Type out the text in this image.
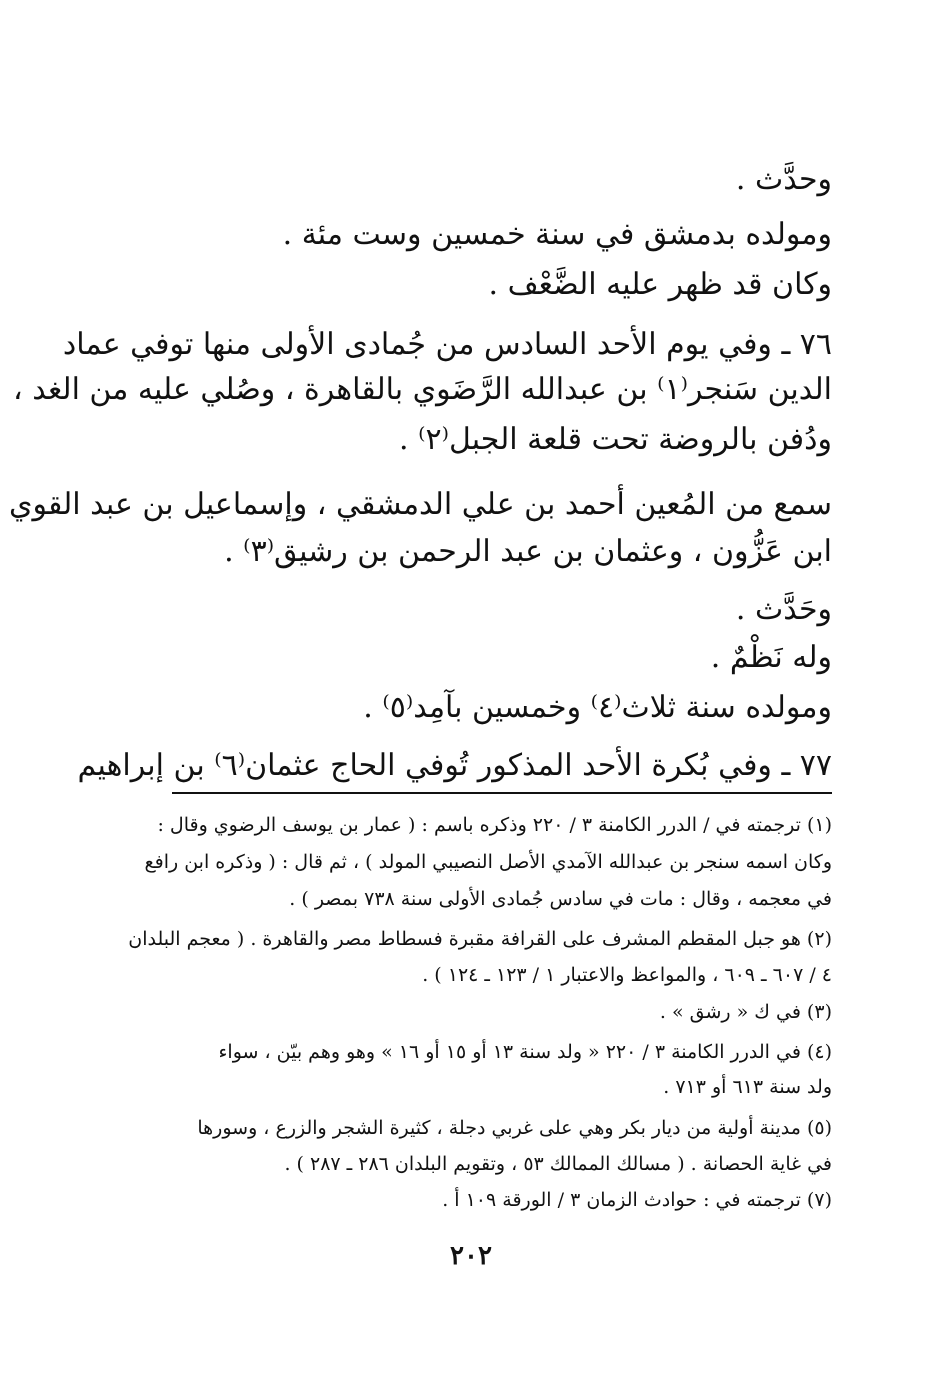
وحدَّث .

ومولده بدمشق في سنة خمسين وست مئة .

وكان قد ظهر عليه الضَّعْف .

٧٦ ـ وفي يوم الأحد السادس من جُمادى الأولى منها توفي عماد

الدين سَنجر⁽١⁾ بن عبدالله الرَّضَوي بالقاهرة ، وصُلي عليه من الغد ،

ودُفن بالروضة تحت قلعة الجبل⁽٢⁾ .

سمع من المُعين أحمد بن علي الدمشقي ، وإسماعيل بن عبد القوي

ابن عَزُّون ، وعثمان بن عبد الرحمن بن رشيق⁽٣⁾ .

وحَدَّث .

وله نَظْمٌ .

ومولده سنة ثلاث⁽٤⁾ وخمسين بآمِد⁽٥⁾ .

٧٧ ـ وفي بُكرة الأحد المذكور تُوفي الحاج عثمان⁽٦⁾ بن إبراهيم

(١) ترجمته في / الدرر الكامنة ٣ / ٢٢٠ وذكره باسم : ( عمار بن يوسف الرضوي وقال :

وكان اسمه سنجر بن عبدالله الآمدي الأصل النصيبي المولد ) ، ثم قال : ( وذكره ابن رافع

في معجمه ، وقال : مات في سادس جُمادى الأولى سنة ٧٣٨ بمصر ) .

(٢) هو جبل المقطم المشرف على القرافة مقبرة فسطاط مصر والقاهرة . ( معجم البلدان

٤ / ٦٠٧ ـ ٦٠٩ ، والمواعظ والاعتبار ١ / ١٢٣ ـ ١٢٤ ) .

(٣) في ك « رشق » .

(٤) في الدرر الكامنة ٣ / ٢٢٠ « ولد سنة ١٣ أو ١٥ أو ١٦ » وهو وهم بيّن ، سواء

ولد سنة ٦١٣ أو ٧١٣ .

(٥) مدينة أولية من ديار بكر وهي على غربي دجلة ، كثيرة الشجر والزرع ، وسورها

في غاية الحصانة . ( مسالك الممالك ٥٣ ، وتقويم البلدان ٢٨٦ ـ ٢٨٧ ) .

(٧) ترجمته في : حوادث الزمان ٣ / الورقة ١٠٩ أ .

٢٠٢
